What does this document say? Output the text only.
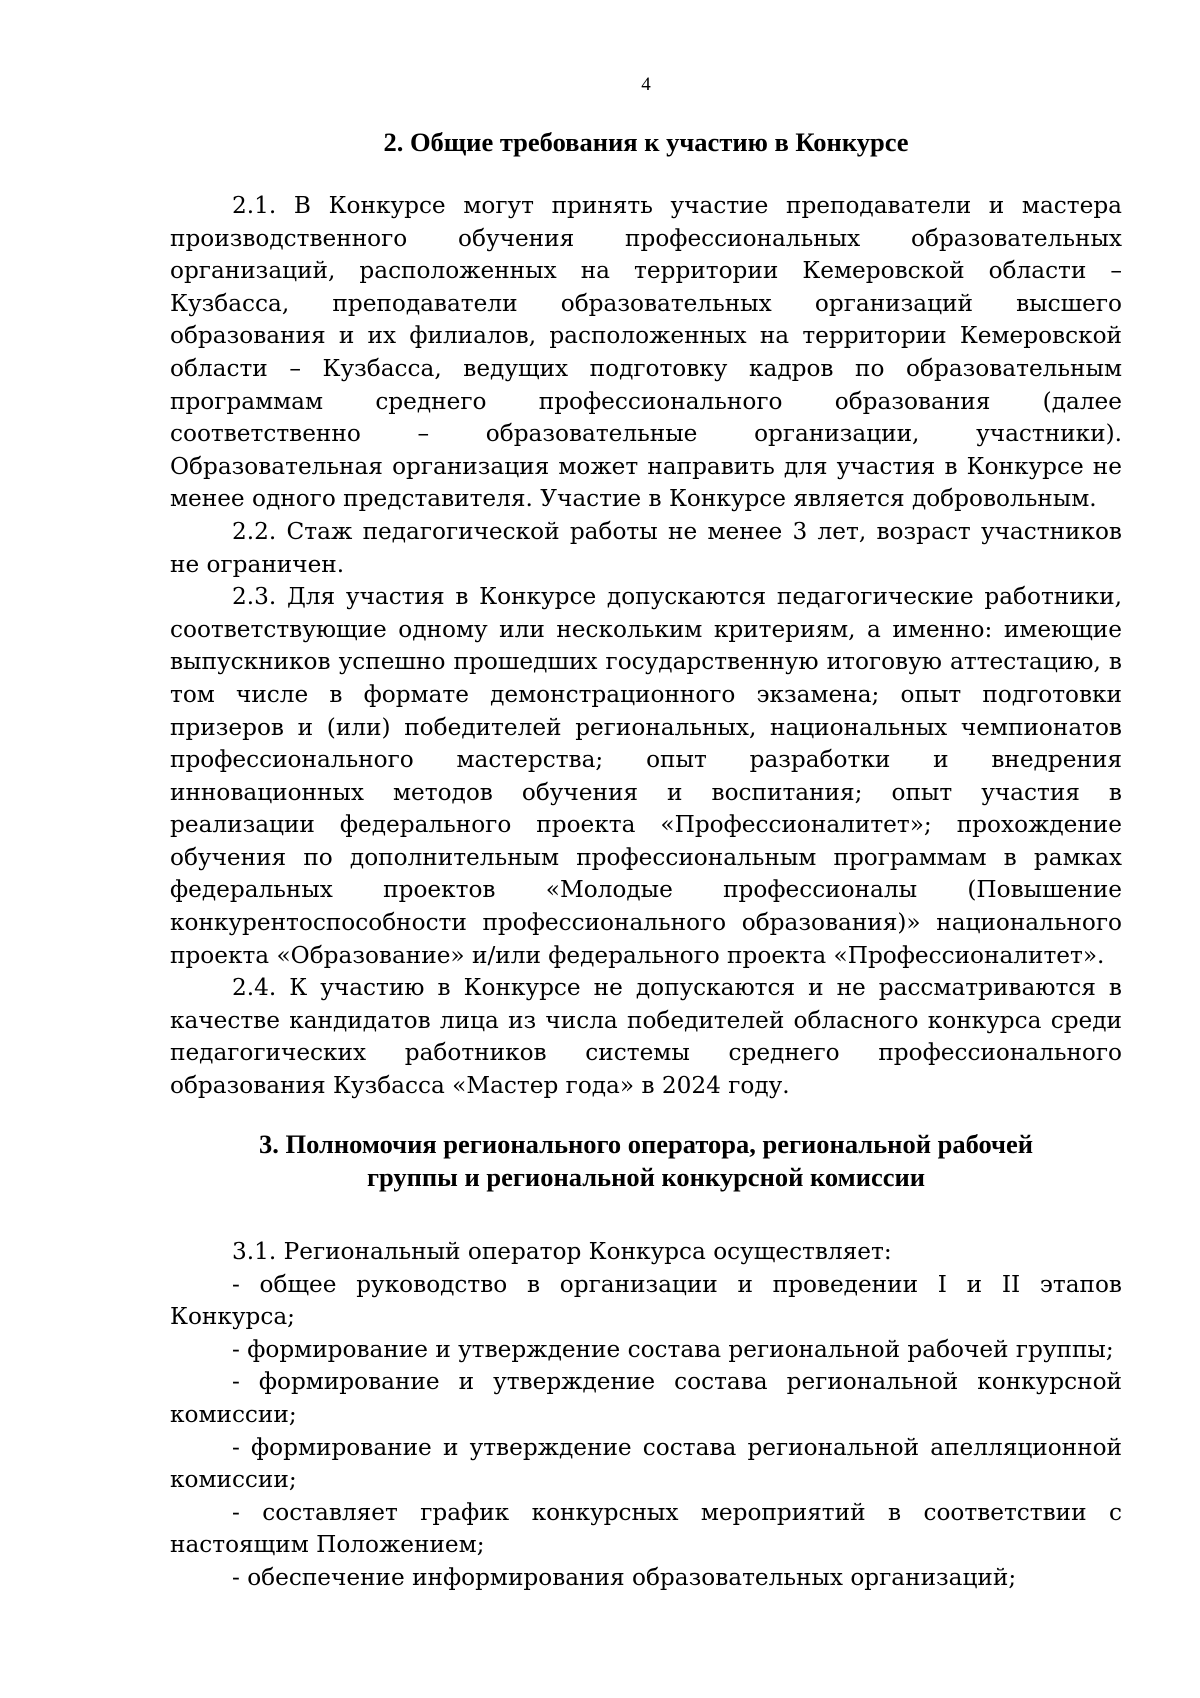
4
2. Общие требования к участию в Конкурсе

2.1. В Конкурсе могут принять участие преподаватели и мастера производственного обучения профессиональных образовательных организаций, расположенных на территории Кемеровской области – Кузбасса, преподаватели образовательных организаций высшего образования и их филиалов, расположенных на территории Кемеровской области – Кузбасса, ведущих подготовку кадров по образовательным программам среднего профессионального образования (далее соответственно – образовательные организации, участники). Образовательная организация может направить для участия в Конкурсе не менее одного представителя. Участие в Конкурсе является добровольным.

2.2. Стаж педагогической работы не менее 3 лет, возраст участников не ограничен.

2.3. Для участия в Конкурсе допускаются педагогические работники, соответствующие одному или нескольким критериям, а именно: имеющие выпускников успешно прошедших государственную итоговую аттестацию, в том числе в формате демонстрационного экзамена; опыт подготовки призеров и (или) победителей региональных, национальных чемпионатов профессионального мастерства; опыт разработки и внедрения инновационных методов обучения и воспитания; опыт участия в реализации федерального проекта «Профессионалитет»; прохождение обучения по дополнительным профессиональным программам в рамках федеральных проектов «Молодые профессионалы (Повышение конкурентоспособности профессионального образования)» национального проекта «Образование» и/или федерального проекта «Профессионалитет».

2.4. К участию в Конкурсе не допускаются и не рассматриваются в качестве кандидатов лица из числа победителей обласного конкурса среди педагогических работников системы среднего профессионального образования Кузбасса «Мастер года» в 2024 году.

3. Полномочия регионального оператора, региональной рабочей
группы и региональной конкурсной комиссии

3.1. Региональный оператор Конкурса осуществляет:

- общее руководство в организации и проведении I и II этапов Конкурса;

- формирование и утверждение состава региональной рабочей группы;

- формирование и утверждение состава региональной конкурсной комиссии;

- формирование и утверждение состава региональной апелляционной комиссии;

- составляет график конкурсных мероприятий в соответствии с настоящим Положением;

- обеспечение информирования образовательных организаций;
